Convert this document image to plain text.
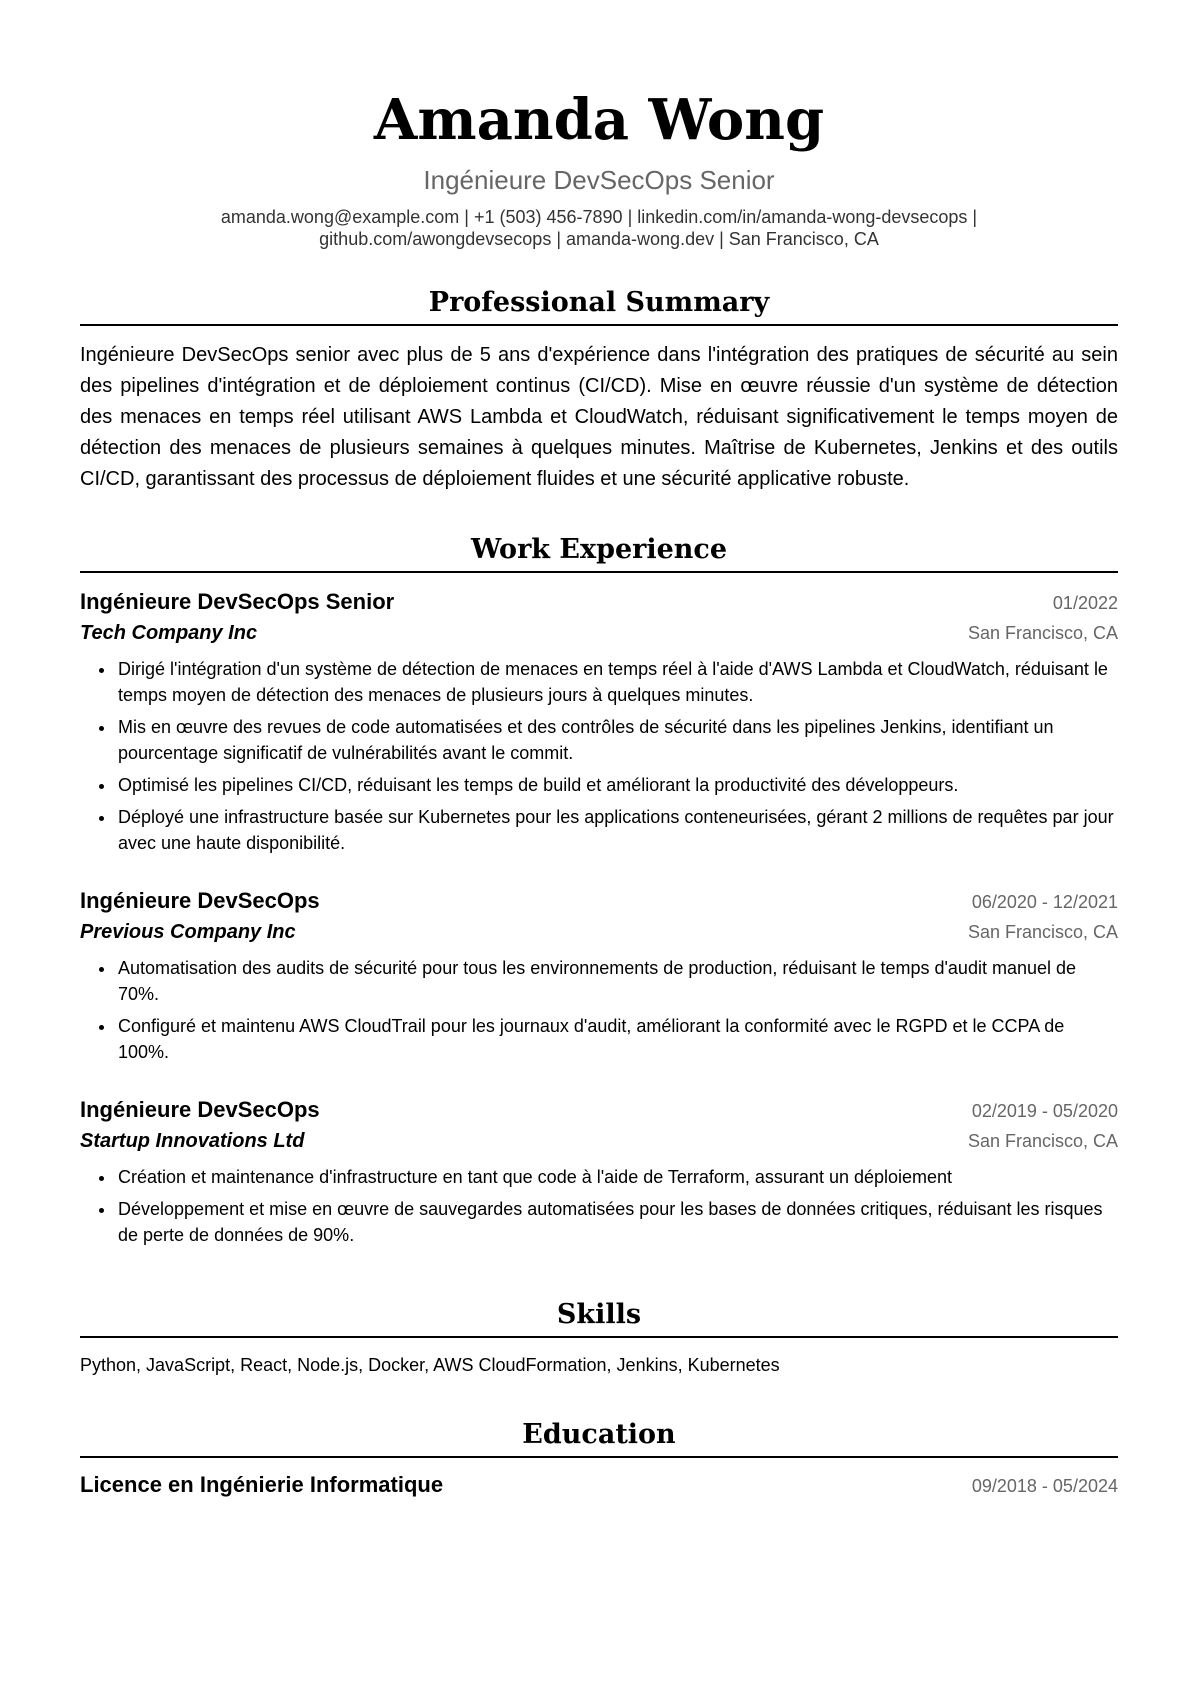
Amanda Wong
Ingénieure DevSecOps Senior
amanda.wong@example.com | +1 (503) 456-7890 | linkedin.com/in/amanda-wong-devsecops |
github.com/awongdevsecops | amanda-wong.dev | San Francisco, CA
Professional Summary
Ingénieure DevSecOps senior avec plus de 5 ans d'expérience dans l'intégration des pratiques de sécurité au sein des pipelines d'intégration et de déploiement continus (CI/CD). Mise en œuvre réussie d'un système de détection des menaces en temps réel utilisant AWS Lambda et CloudWatch, réduisant significativement le temps moyen de détection des menaces de plusieurs semaines à quelques minutes. Maîtrise de Kubernetes, Jenkins et des outils CI/CD, garantissant des processus de déploiement fluides et une sécurité applicative robuste.
Work Experience
Ingénieure DevSecOps Senior	01/2022
Tech Company Inc	San Francisco, CA
• Dirigé l'intégration d'un système de détection de menaces en temps réel à l'aide d'AWS Lambda et CloudWatch, réduisant le temps moyen de détection des menaces de plusieurs jours à quelques minutes.
• Mis en œuvre des revues de code automatisées et des contrôles de sécurité dans les pipelines Jenkins, identifiant un pourcentage significatif de vulnérabilités avant le commit.
• Optimisé les pipelines CI/CD, réduisant les temps de build et améliorant la productivité des développeurs.
• Déployé une infrastructure basée sur Kubernetes pour les applications conteneurisées, gérant 2 millions de requêtes par jour avec une haute disponibilité.
Ingénieure DevSecOps	06/2020 - 12/2021
Previous Company Inc	San Francisco, CA
• Automatisation des audits de sécurité pour tous les environnements de production, réduisant le temps d'audit manuel de 70%.
• Configuré et maintenu AWS CloudTrail pour les journaux d'audit, améliorant la conformité avec le RGPD et le CCPA de 100%.
Ingénieure DevSecOps	02/2019 - 05/2020
Startup Innovations Ltd	San Francisco, CA
• Création et maintenance d'infrastructure en tant que code à l'aide de Terraform, assurant un déploiement
• Développement et mise en œuvre de sauvegardes automatisées pour les bases de données critiques, réduisant les risques de perte de données de 90%.
Skills
Python, JavaScript, React, Node.js, Docker, AWS CloudFormation, Jenkins, Kubernetes
Education
Licence en Ingénierie Informatique	09/2018 - 05/2024
